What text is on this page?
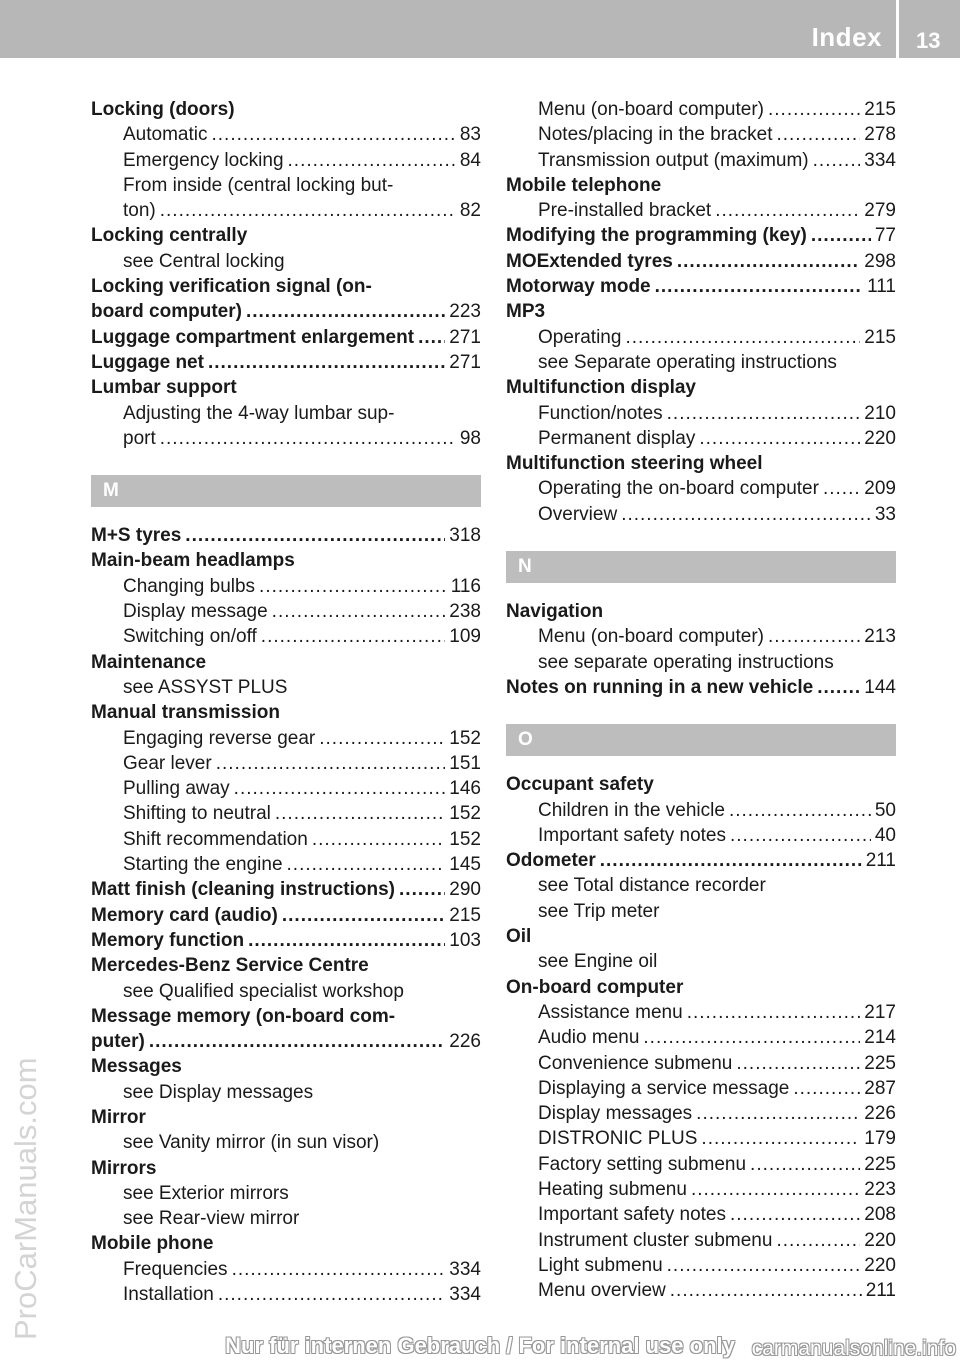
Index 13
ProCarManuals.com
Locking (doors)
Automatic .....	83
Emergency locking .....	84
From inside (central locking but-
ton) .....	82
Locking centrally
see Central locking
Locking verification signal (on-
board computer) .....	223
Luggage compartment enlargement ..... 271
Luggage net .....	271
Lumbar support
Adjusting the 4-way lumbar sup-
port .....	98
M
M+S tyres .....	318
Main-beam headlamps
Changing bulbs .....	116
Display message .....	238
Switching on/off .....	109
Maintenance
see ASSYST PLUS
Manual transmission
Engaging reverse gear .....	152
Gear lever .....	151
Pulling away .....	146
Shifting to neutral .....	152
Shift recommendation .....	152
Starting the engine .....	145
Matt finish (cleaning instructions) .....	290
Memory card (audio) .....	215
Memory function .....	103
Mercedes-Benz Service Centre
see Qualified specialist workshop
Message memory (on-board com-
puter) .....	226
Messages
see Display messages
Mirror
see Vanity mirror (in sun visor)
Mirrors
see Exterior mirrors
see Rear-view mirror
Mobile phone
Frequencies .....	334
Installation .....	334
Menu (on-board computer) .....	215
Notes/placing in the bracket .....	278
Transmission output (maximum) .....	334
Mobile telephone
Pre-installed bracket .....	279
Modifying the programming (key) .....	77
MOExtended tyres .....	298
Motorway mode .....	111
MP3
Operating .....	215
see Separate operating instructions
Multifunction display
Function/notes .....	210
Permanent display .....	220
Multifunction steering wheel
Operating the on-board computer ..... 209
Overview .....	33
N
Navigation
Menu (on-board computer) .....	213
see separate operating instructions
Notes on running in a new vehicle .....	144
O
Occupant safety
Children in the vehicle .....	50
Important safety notes .....	40
Odometer .....	211
see Total distance recorder
see Trip meter
Oil
see Engine oil
On-board computer
Assistance menu .....	217
Audio menu .....	214
Convenience submenu .....	225
Displaying a service message .....	287
Display messages .....	226
DISTRONIC PLUS .....	179
Factory setting submenu .....	225
Heating submenu .....	223
Important safety notes .....	208
Instrument cluster submenu .....	220
Light submenu .....	220
Menu overview .....	211
Nur für internen Gebrauch / For internal use only carmanualsonline.info
